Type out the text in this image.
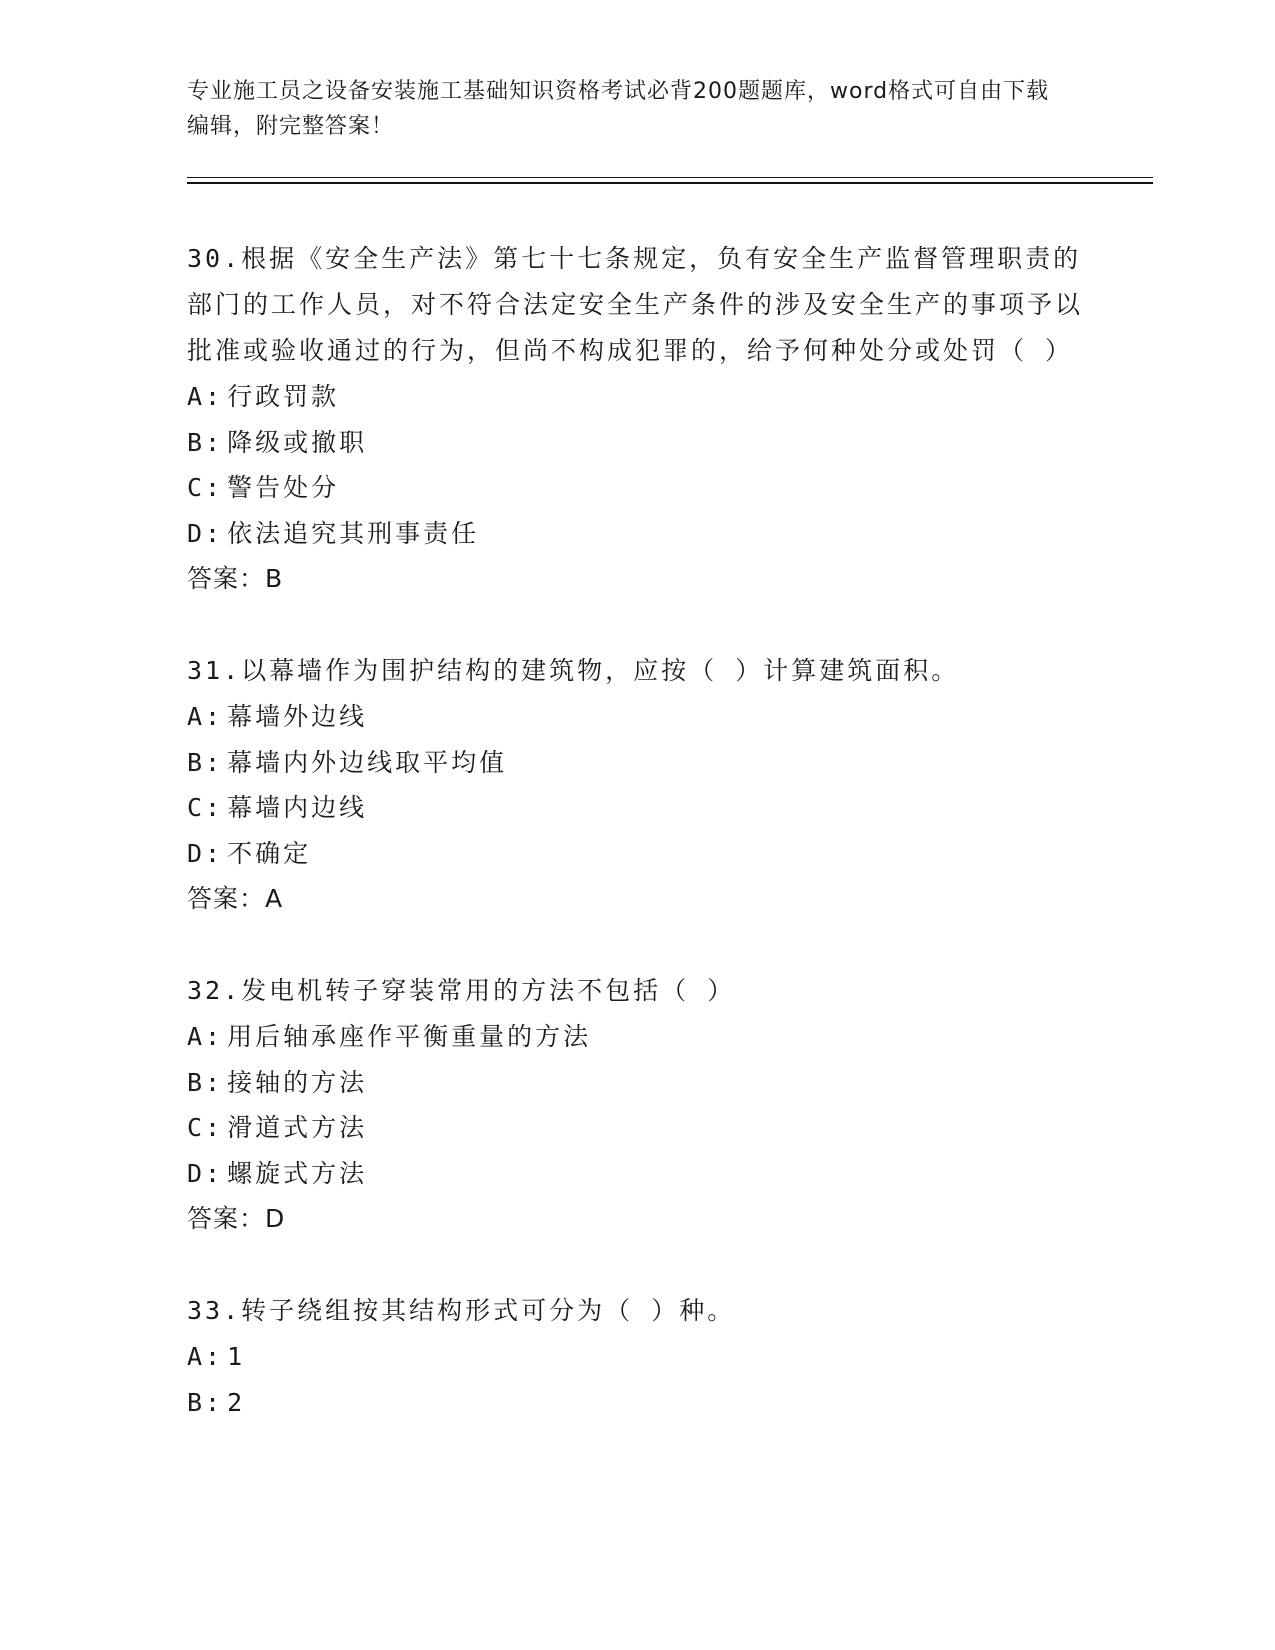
专业施工员之设备安装施工基础知识资格考试必背200题题库，word格式可自由下载编辑，附完整答案！

30.根据《安全生产法》第七十七条规定，负有安全生产监督管理职责的部门的工作人员，对不符合法定安全生产条件的涉及安全生产的事项予以批准或验收通过的行为，但尚不构成犯罪的，给予何种处分或处罚（ ）

A: 行政罚款
B: 降级或撤职
C: 警告处分
D: 依法追究其刑事责任
答案：B

31.以幕墙作为围护结构的建筑物，应按（ ）计算建筑面积。

A: 幕墙外边线
B: 幕墙内外边线取平均值
C: 幕墙内边线
D: 不确定
答案：A

32.发电机转子穿装常用的方法不包括（ ）

A: 用后轴承座作平衡重量的方法
B: 接轴的方法
C: 滑道式方法
D: 螺旋式方法
答案：D

33.转子绕组按其结构形式可分为（ ）种。

A: 1
B: 2
